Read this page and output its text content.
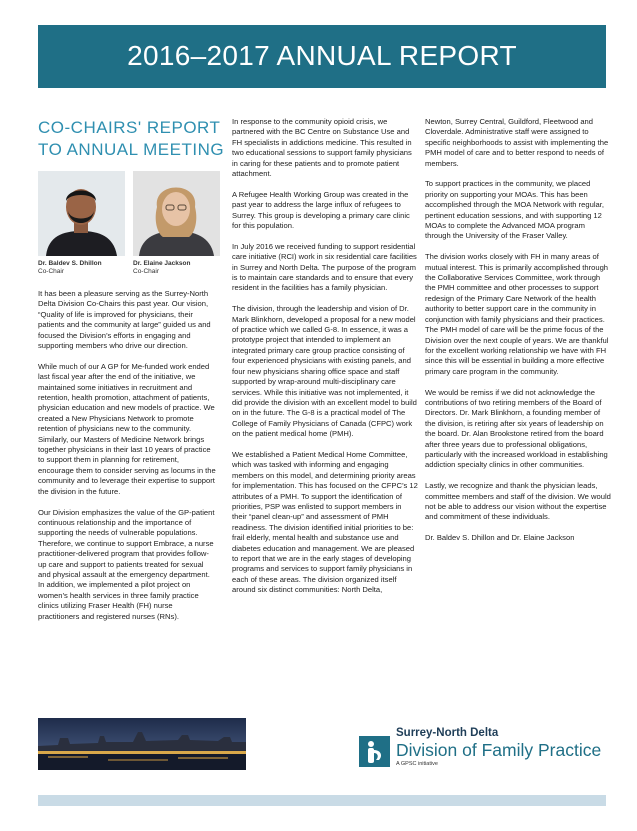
2016–2017 ANNUAL REPORT
CO-CHAIRS' REPORT
TO ANNUAL MEETING
Dr. Baldev S. Dhillon
Co-Chair
Dr. Elaine Jackson
Co-Chair

It has been a pleasure serving as the Surrey-North Delta Division Co-Chairs this past year. Our vision, “Quality of life is improved for physicians, their patients and the community at large” guided us and focused the Division’s efforts in engaging and supporting members who drive our direction.

While much of our A GP for Me-funded work ended last fiscal year after the end of the initiative, we maintained some initiatives in recruitment and retention, health promotion, attachment of patients, physician education and new models of practice. We created a New Physicians Network to promote retention of physicians new to the community. Similarly, our Masters of Medicine Network brings together physicians in their last 10 years of practice to support them in planning for retirement, encourage them to consider serving as locums in the community and to leverage their expertise to support the division in the future.

Our Division emphasizes the value of the GP-patient continuous relationship and the importance of supporting the needs of vulnerable populations. Therefore, we continue to support Embrace, a nurse practitioner-delivered program that provides follow-up care and support to patients treated for sexual and physical assault at the emergency department. In addition, we implemented a pilot project on women’s health services in three family practice clinics utilizing Fraser Health (FH) nurse practitioners and registered nurses (RNs).

In response to the community opioid crisis, we partnered with the BC Centre on Substance Use and FH specialists in addictions medicine. This resulted in two educational sessions to support family physicians in caring for these patients and to promote patient attachment.

A Refugee Health Working Group was created in the past year to address the large influx of refugees to Surrey. This group is developing a primary care clinic for this population.

In July 2016 we received funding to support residential care initiative (RCI) work in six residential care facilities in Surrey and North Delta. The purpose of the program is to maintain care standards and to ensure that every resident in the facilities has a family physician.

The division, through the leadership and vision of Dr. Mark Blinkhorn, developed a proposal for a new model of practice which we called G-8. In essence, it was a prototype project that intended to implement an integrated primary care group practice consisting of four experienced physicians with existing panels, and four new physicians sharing office space and staff supported by wrap-around multi-disciplinary care services. While this initiative was not implemented, it did provide the division with an excellent model to build on in the future. The G-8 is a practical model of The College of Family Physicians of Canada (CFPC) work on the patient medical home (PMH).

We established a Patient Medical Home Committee, which was tasked with informing and engaging members on this model, and determining priority areas for implementation. This has focused on the CFPC’s 12 attributes of a PMH. To support the identification of priorities, PSP was enlisted to support members in their “panel clean-up” and assessment of PMH readiness. The division identified initial priorities to be: frail elderly, mental health and substance use and diabetes education and management. We are pleased to report that we are in the early stages of developing programs and services to support family physicians in each of these areas. The division organized itself around six distinct communities: North Delta,

Newton, Surrey Central, Guildford, Fleetwood and Cloverdale. Administrative staff were assigned to specific neighborhoods to assist with implementing the PMH model of care and to better respond to needs of members.

To support practices in the community, we placed priority on supporting your MOAs. This has been accomplished through the MOA Network with regular, pertinent education sessions, and with supporting 12 MOAs to complete the Advanced MOA program through the University of the Fraser Valley.

The division works closely with FH in many areas of mutual interest. This is primarily accomplished through the Collaborative Services Committee, work through the PMH committee and other processes to support redesign of the Primary Care Network of the health authority to better support care in the community in conjunction with family physicians and their practices. The PMH model of care will be the prime focus of the Division over the next couple of years. We are thankful for the excellent working relationship we have with FH since this will be essential in building a more effective primary care program in the community.

We would be remiss if we did not acknowledge the contributions of two retiring members of the Board of Directors. Dr. Mark Blinkhorn, a founding member of the division, is retiring after six years of leadership on the board. Dr. Alan Brookstone retired from the board after three years due to professional obligations, particularly with the increased workload in establishing addiction specialty clinics in other communities.

Lastly, we recognize and thank the physician leads, committee members and staff of the division. We would not be able to address our vision without the expertise and commitment of these individuals.

Dr. Baldev S. Dhillon and Dr. Elaine Jackson

Surrey-North Delta
Division of Family Practice
A GPSC initiative
